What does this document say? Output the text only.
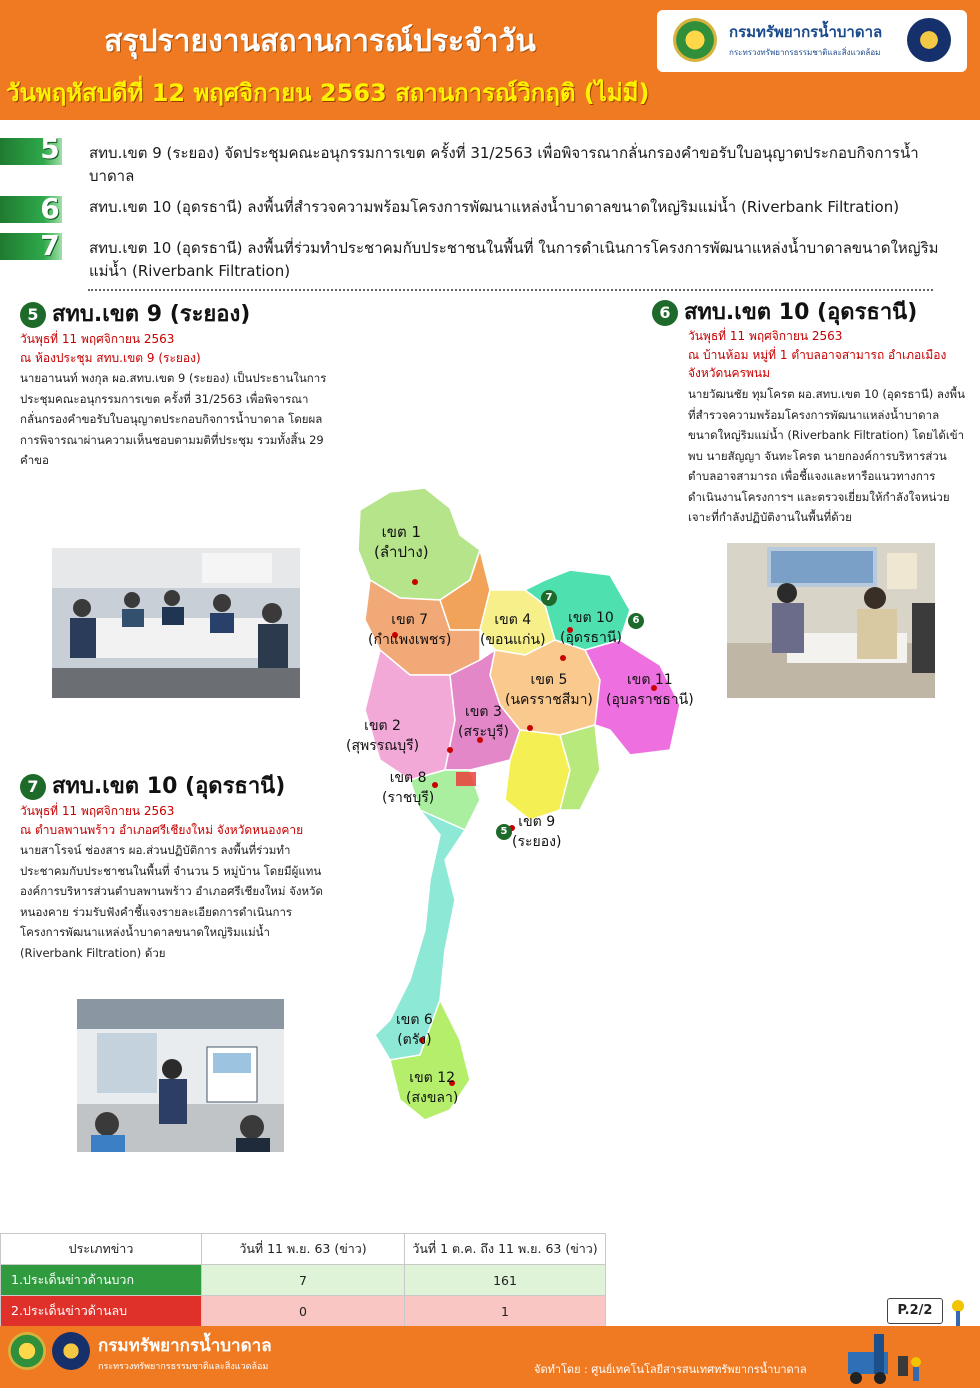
สรุปรายงานสถานการณ์ประจำวัน
วันพฤหัสบดีที่ 12 พฤศจิกายน 2563 สถานการณ์วิกฤติ (ไม่มี)
กรมทรัพยากรน้ำบาดาล
กระทรวงทรัพยากรธรรมชาติและสิ่งแวดล้อม
5	สทบ.เขต 9 (ระยอง) จัดประชุมคณะอนุกรรมการเขต ครั้งที่ 31/2563 เพื่อพิจารณากลั่นกรองคำขอรับใบอนุญาตประกอบกิจการน้ำบาดาล
6	สทบ.เขต 10 (อุดรธานี) ลงพื้นที่สำรวจความพร้อมโครงการพัฒนาแหล่งน้ำบาดาลขนาดใหญ่ริมแม่น้ำ (Riverbank Filtration)
7	สทบ.เขต 10 (อุดรธานี) ลงพื้นที่ร่วมทำประชาคมกับประชาชนในพื้นที่ ในการดำเนินการโครงการพัฒนาแหล่งน้ำบาดาลขนาดใหญ่ริมแม่น้ำ (Riverbank Filtration)
5 สทบ.เขต 9 (ระยอง)
วันพุธที่ 11 พฤศจิกายน 2563
ณ ห้องประชุม สทบ.เขต 9 (ระยอง)
นายอานนท์ พงกุล ผอ.สทบ.เขต 9 (ระยอง) เป็นประธานในการประชุมคณะอนุกรรมการเขต ครั้งที่ 31/2563 เพื่อพิจารณากลั่นกรองคำขอรับใบอนุญาตประกอบกิจการน้ำบาดาล โดยผลการพิจารณาผ่านความเห็นชอบตามมติที่ประชุม รวมทั้งสิ้น 29 คำขอ
6 สทบ.เขต 10 (อุดรธานี)
วันพุธที่ 11 พฤศจิกายน 2563
ณ บ้านห้อม หมู่ที่ 1 ตำบลอาจสามารถ อำเภอเมือง จังหวัดนครพนม
นายวัฒนชัย ทุมโครต ผอ.สทบ.เขต 10 (อุดรธานี) ลงพื้นที่สำรวจความพร้อมโครงการพัฒนาแหล่งน้ำบาดาลขนาดใหญ่ริมแม่น้ำ (Riverbank Filtration) โดยได้เข้าพบ นายสัญญา จันทะโครต นายกองค์การบริหารส่วนตำบลอาจสามารถ เพื่อชี้แจงและหารือแนวทางการดำเนินงานโครงการฯ และตรวจเยี่ยมให้กำลังใจหน่วยเจาะที่กำลังปฏิบัติงานในพื้นที่ด้วย
7 สทบ.เขต 10 (อุดรธานี)
วันพุธที่ 11 พฤศจิกายน 2563
ณ ตำบลพานพร้าว อำเภอศรีเชียงใหม่ จังหวัดหนองคาย
นายสาโรจน์ ช่องสาร ผอ.ส่วนปฏิบัติการ ลงพื้นที่ร่วมทำประชาคมกับประชาชนในพื้นที่ จำนวน 5 หมู่บ้าน โดยมีผู้แทนองค์การบริหารส่วนตำบลพานพร้าว อำเภอศรีเชียงใหม่ จังหวัดหนองคาย ร่วมรับฟังคำชี้แจงรายละเอียดการดำเนินการโครงการพัฒนาแหล่งน้ำบาดาลขนาดใหญ่ริมแม่น้ำ (Riverbank Filtration) ด้วย
เขต 1
(ลำปาง)
เขต 7
(กำแพงเพชร)
เขต 4
(ขอนแก่น)
เขต 10
(อุดรธานี)
เขต 5
(นครราชสีมา)
เขต 11
(อุบลราชธานี)
เขต 2
(สุพรรณบุรี)
เขต 3
(สระบุรี)
เขต 8
(ราชบุรี)
เขต 9
(ระยอง)
เขต 6
(ตรัง)
เขต 12
(สงขลา)
7
6
5
ประเภทข่าว	วันที่ 11 พ.ย. 63 (ข่าว)	วันที่ 1 ต.ค. ถึง 11 พ.ย. 63 (ข่าว)
1.ประเด็นข่าวด้านบวก	7	161
2.ประเด็นข่าวด้านลบ	0	1	P.2/2
กรมทรัพยากรน้ำบาดาล
กระทรวงทรัพยากรธรรมชาติและสิ่งแวดล้อม	จัดทำโดย : ศูนย์เทคโนโลยีสารสนเทศทรัพยากรน้ำบาดาล
